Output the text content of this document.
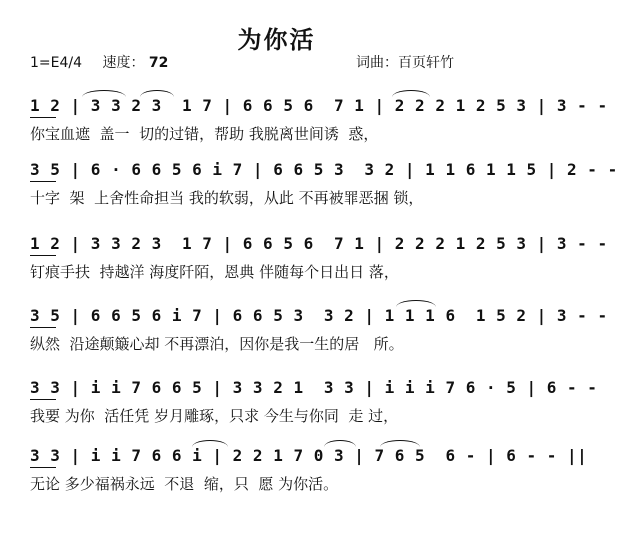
为你活
1=E4/4 速度： 72	词曲：百页轩竹
1 2 | 3 3 2 3  1 7 | 6 6 5 6  7 1 | 2 2 2 1 2 5 3 | 3 - -
你宝血遮  盖一  切的过错，帮助 我脱离世间诱  惑，
3 5 | 6 · 6 6 5 6 i 7 | 6 6 5 3  3 2 | 1 1 6 1 1 5 | 2 - -
十字  架  上舍性命担当 我的软弱，从此 不再被罪恶捆 锁，
1 2 | 3 3 2 3  1 7 | 6 6 5 6  7 1 | 2 2 2 1 2 5 3 | 3 - -
钉痕手扶  持越洋 海度阡陌，恩典 伴随每个日出日 落，
3 5 | 6 6 5 6 i 7 | 6 6 5 3  3 2 | 1 1 1 6  1 5 2 | 3 - -
纵然  沿途颠簸心却 不再漂泊，因你是我一生的居   所。
3 3 | i i 7 6 6 5 | 3 3 2 1  3 3 | i i i 7 6 · 5 | 6 - -
我要 为你  活任凭 岁月雕琢，只求 今生与你同  走 过，
3 3 | i i 7 6 6 i | 2 2 1 7 0 3 | 7 6 5  6 - | 6 - - ||
无论 多少福祸永远  不退  缩，只  愿 为你活。
